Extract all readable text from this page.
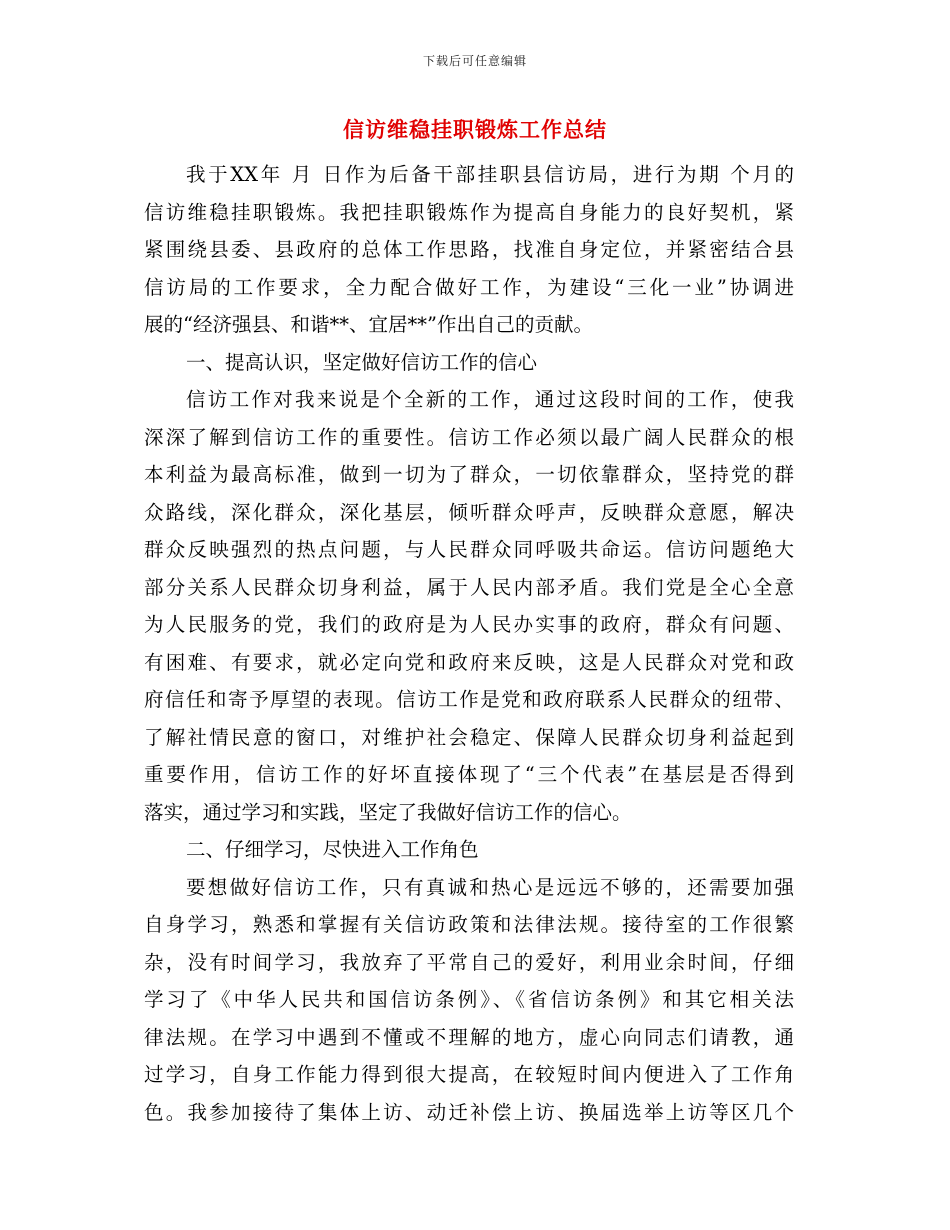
下载后可任意编辑
信访维稳挂职锻炼工作总结
我于XX年 月 日作为后备干部挂职县信访局，进行为期 个月的
信访维稳挂职锻炼。我把挂职锻炼作为提高自身能力的良好契机，紧
紧围绕县委、县政府的总体工作思路，找准自身定位，并紧密结合县
信访局的工作要求，全力配合做好工作，为建设“三化一业”协调进
展的“经济强县、和谐**、宜居**”作出自己的贡献。
一、提高认识，坚定做好信访工作的信心
信访工作对我来说是个全新的工作，通过这段时间的工作，使我
深深了解到信访工作的重要性。信访工作必须以最广阔人民群众的根
本利益为最高标准，做到一切为了群众，一切依靠群众，坚持党的群
众路线，深化群众，深化基层，倾听群众呼声，反映群众意愿，解决
群众反映强烈的热点问题，与人民群众同呼吸共命运。信访问题绝大
部分关系人民群众切身利益，属于人民内部矛盾。我们党是全心全意
为人民服务的党，我们的政府是为人民办实事的政府，群众有问题、
有困难、有要求，就必定向党和政府来反映，这是人民群众对党和政
府信任和寄予厚望的表现。信访工作是党和政府联系人民群众的纽带、
了解社情民意的窗口，对维护社会稳定、保障人民群众切身利益起到
重要作用，信访工作的好坏直接体现了“三个代表”在基层是否得到
落实，通过学习和实践，坚定了我做好信访工作的信心。
二、仔细学习，尽快进入工作角色
要想做好信访工作，只有真诚和热心是远远不够的，还需要加强
自身学习，熟悉和掌握有关信访政策和法律法规。接待室的工作很繁
杂，没有时间学习，我放弃了平常自己的爱好，利用业余时间，仔细
学习了《中华人民共和国信访条例》、《省信访条例》和其它相关法
律法规。在学习中遇到不懂或不理解的地方，虚心向同志们请教，通
过学习，自身工作能力得到很大提高，在较短时间内便进入了工作角
色。我参加接待了集体上访、动迁补偿上访、换届选举上访等区几个
